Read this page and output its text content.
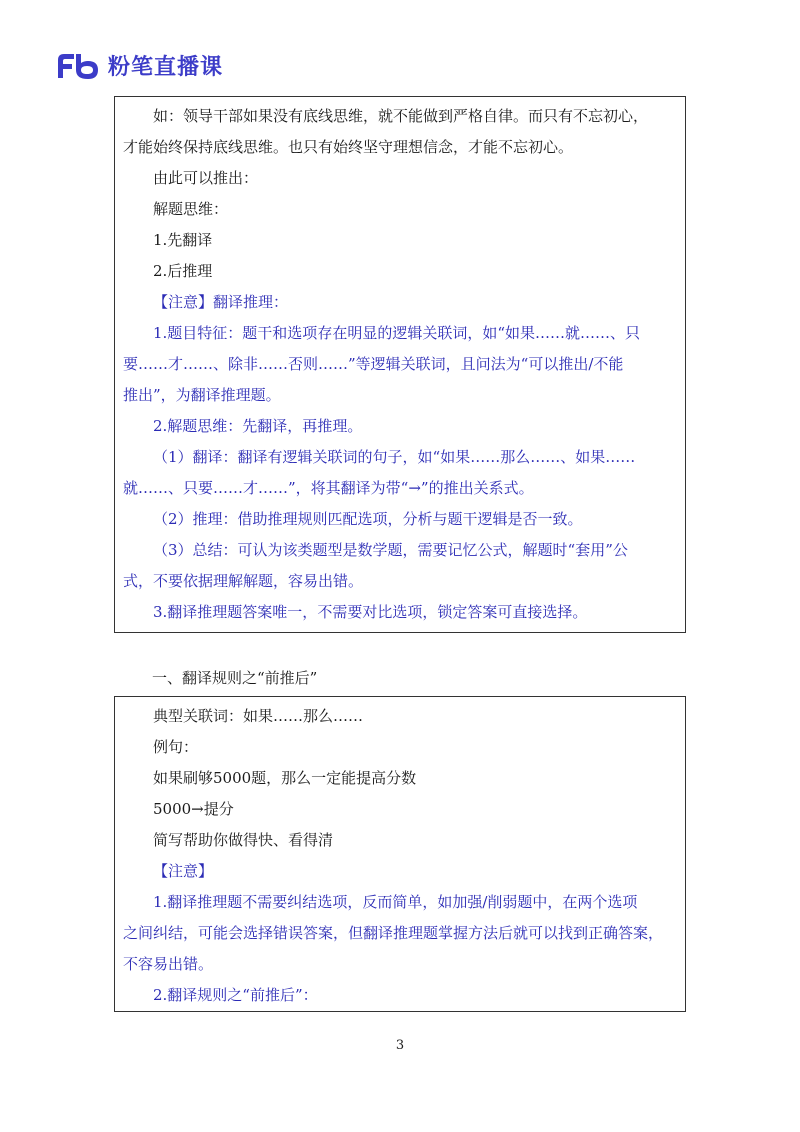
粉笔直播课

如：领导干部如果没有底线思维，就不能做到严格自律。而只有不忘初心，

才能始终保持底线思维。也只有始终坚守理想信念，才能不忘初心。

由此可以推出：

解题思维：

1.先翻译

2.后推理

【注意】翻译推理：

1.题目特征：题干和选项存在明显的逻辑关联词，如“如果……就……、只

要……才……、除非……否则……”等逻辑关联词，且问法为“可以推出/不能

推出”，为翻译推理题。

2.解题思维：先翻译，再推理。

（1）翻译：翻译有逻辑关联词的句子，如“如果……那么……、如果……

就……、只要……才……”，将其翻译为带“→”的推出关系式。

（2）推理：借助推理规则匹配选项，分析与题干逻辑是否一致。

（3）总结：可认为该类题型是数学题，需要记忆公式，解题时“套用”公

式，不要依据理解解题，容易出错。

3.翻译推理题答案唯一，不需要对比选项，锁定答案可直接选择。

一、翻译规则之“前推后”

典型关联词：如果……那么……

例句：

如果刷够5000题，那么一定能提高分数

5000→提分

简写帮助你做得快、看得清

【注意】

1.翻译推理题不需要纠结选项，反而简单，如加强/削弱题中，在两个选项

之间纠结，可能会选择错误答案，但翻译推理题掌握方法后就可以找到正确答案，

不容易出错。

2.翻译规则之“前推后”：

3
